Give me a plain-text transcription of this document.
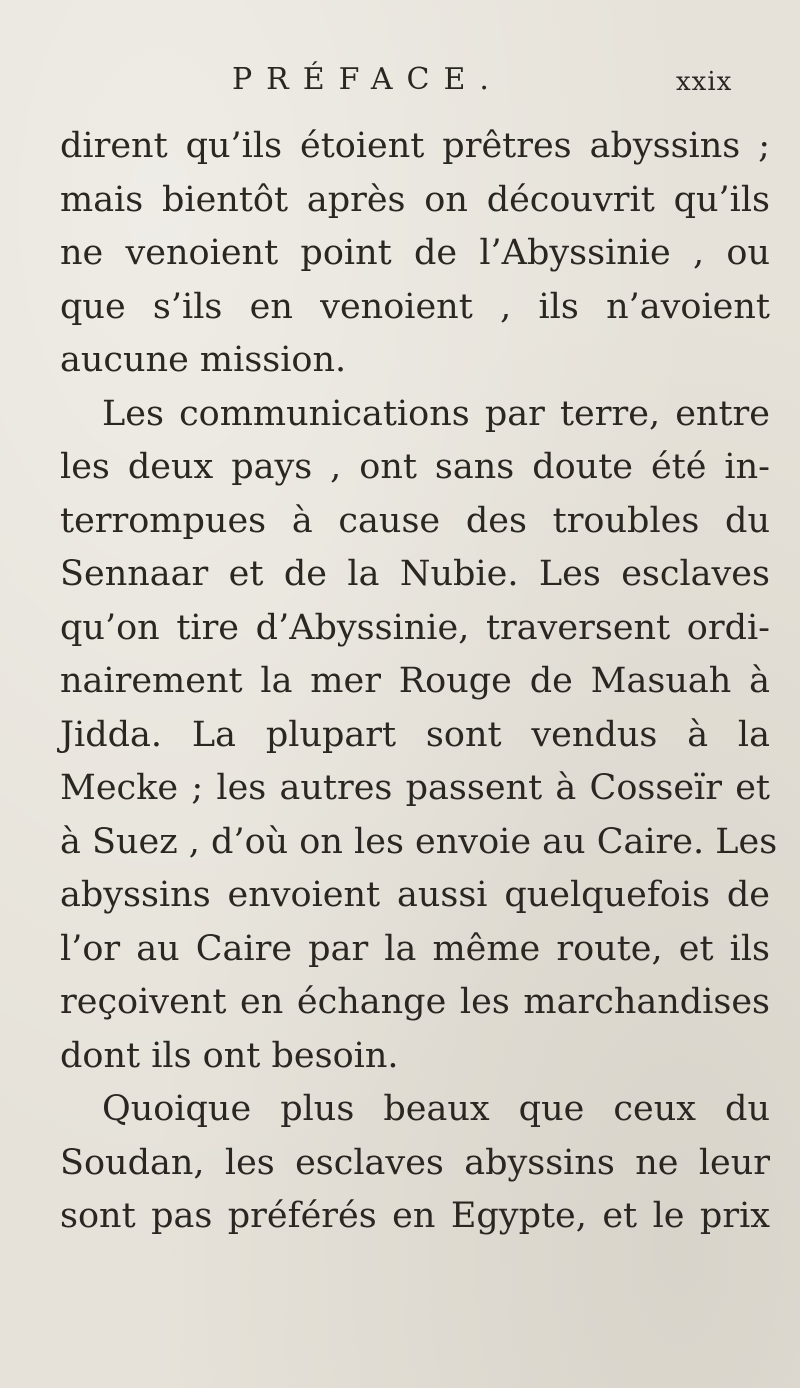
PRÉFACE.	xxix
dirent qu’ils étoient prêtres abyssins ;
mais bientôt après on découvrit qu’ils
ne venoient point de l’Abyssinie , ou
que s’ils en venoient , ils n’avoient
aucune mission.
Les communications par terre, entre
les deux pays , ont sans doute été in-
terrompues à cause des troubles du
Sennaar et de la Nubie. Les esclaves
qu’on tire d’Abyssinie, traversent ordi-
nairement la mer Rouge de Masuah à
Jidda. La plupart sont vendus à la
Mecke ; les autres passent à Cosseïr et
à Suez , d’où on les envoie au Caire. Les
abyssins envoient aussi quelquefois de
l’or au Caire par la même route, et ils
reçoivent en échange les marchandises
dont ils ont besoin.
Quoique plus beaux que ceux du
Soudan, les esclaves abyssins ne leur
sont pas préférés en Egypte, et le prix
